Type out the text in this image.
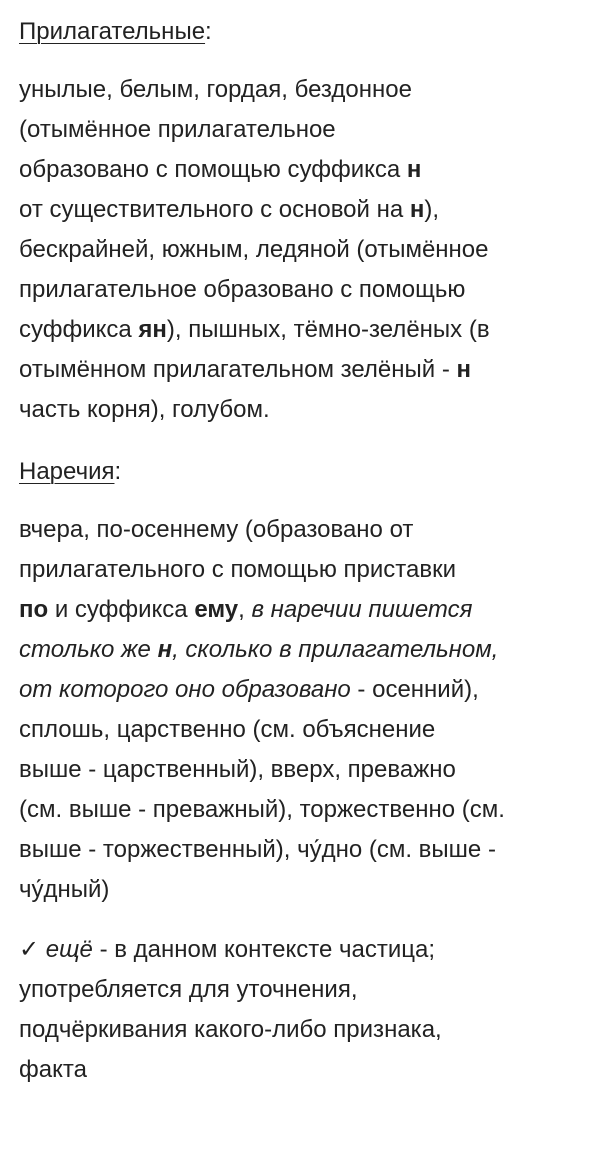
Прилагательные:
унылые, белым, гордая, бездонное
(отымённое прилагательное
образовано с помощью суффикса н
от существительного с основой на н),
бескрайней, южным, ледяной (отымённое
прилагательное образовано с помощью
суффикса ян), пышных, тёмно-зелёных (в
отымённом прилагательном зелёный - н
часть корня), голубом.
Наречия:
вчера, по-осеннему (образовано от
прилагательного с помощью приставки
по и суффикса ему, в наречии пишется
столько же н, сколько в прилагательном,
от которого оно образовано - осенний),
сплошь, царственно (см. объяснение
выше - царственный), вверх, преважно
(см. выше - преважный), торжественно (см.
выше - торжественный), чу́дно (см. выше -
чу́дный)
✓ ещё - в данном контексте частица;
употребляется для уточнения,
подчёркивания какого-либо признака,
факта
